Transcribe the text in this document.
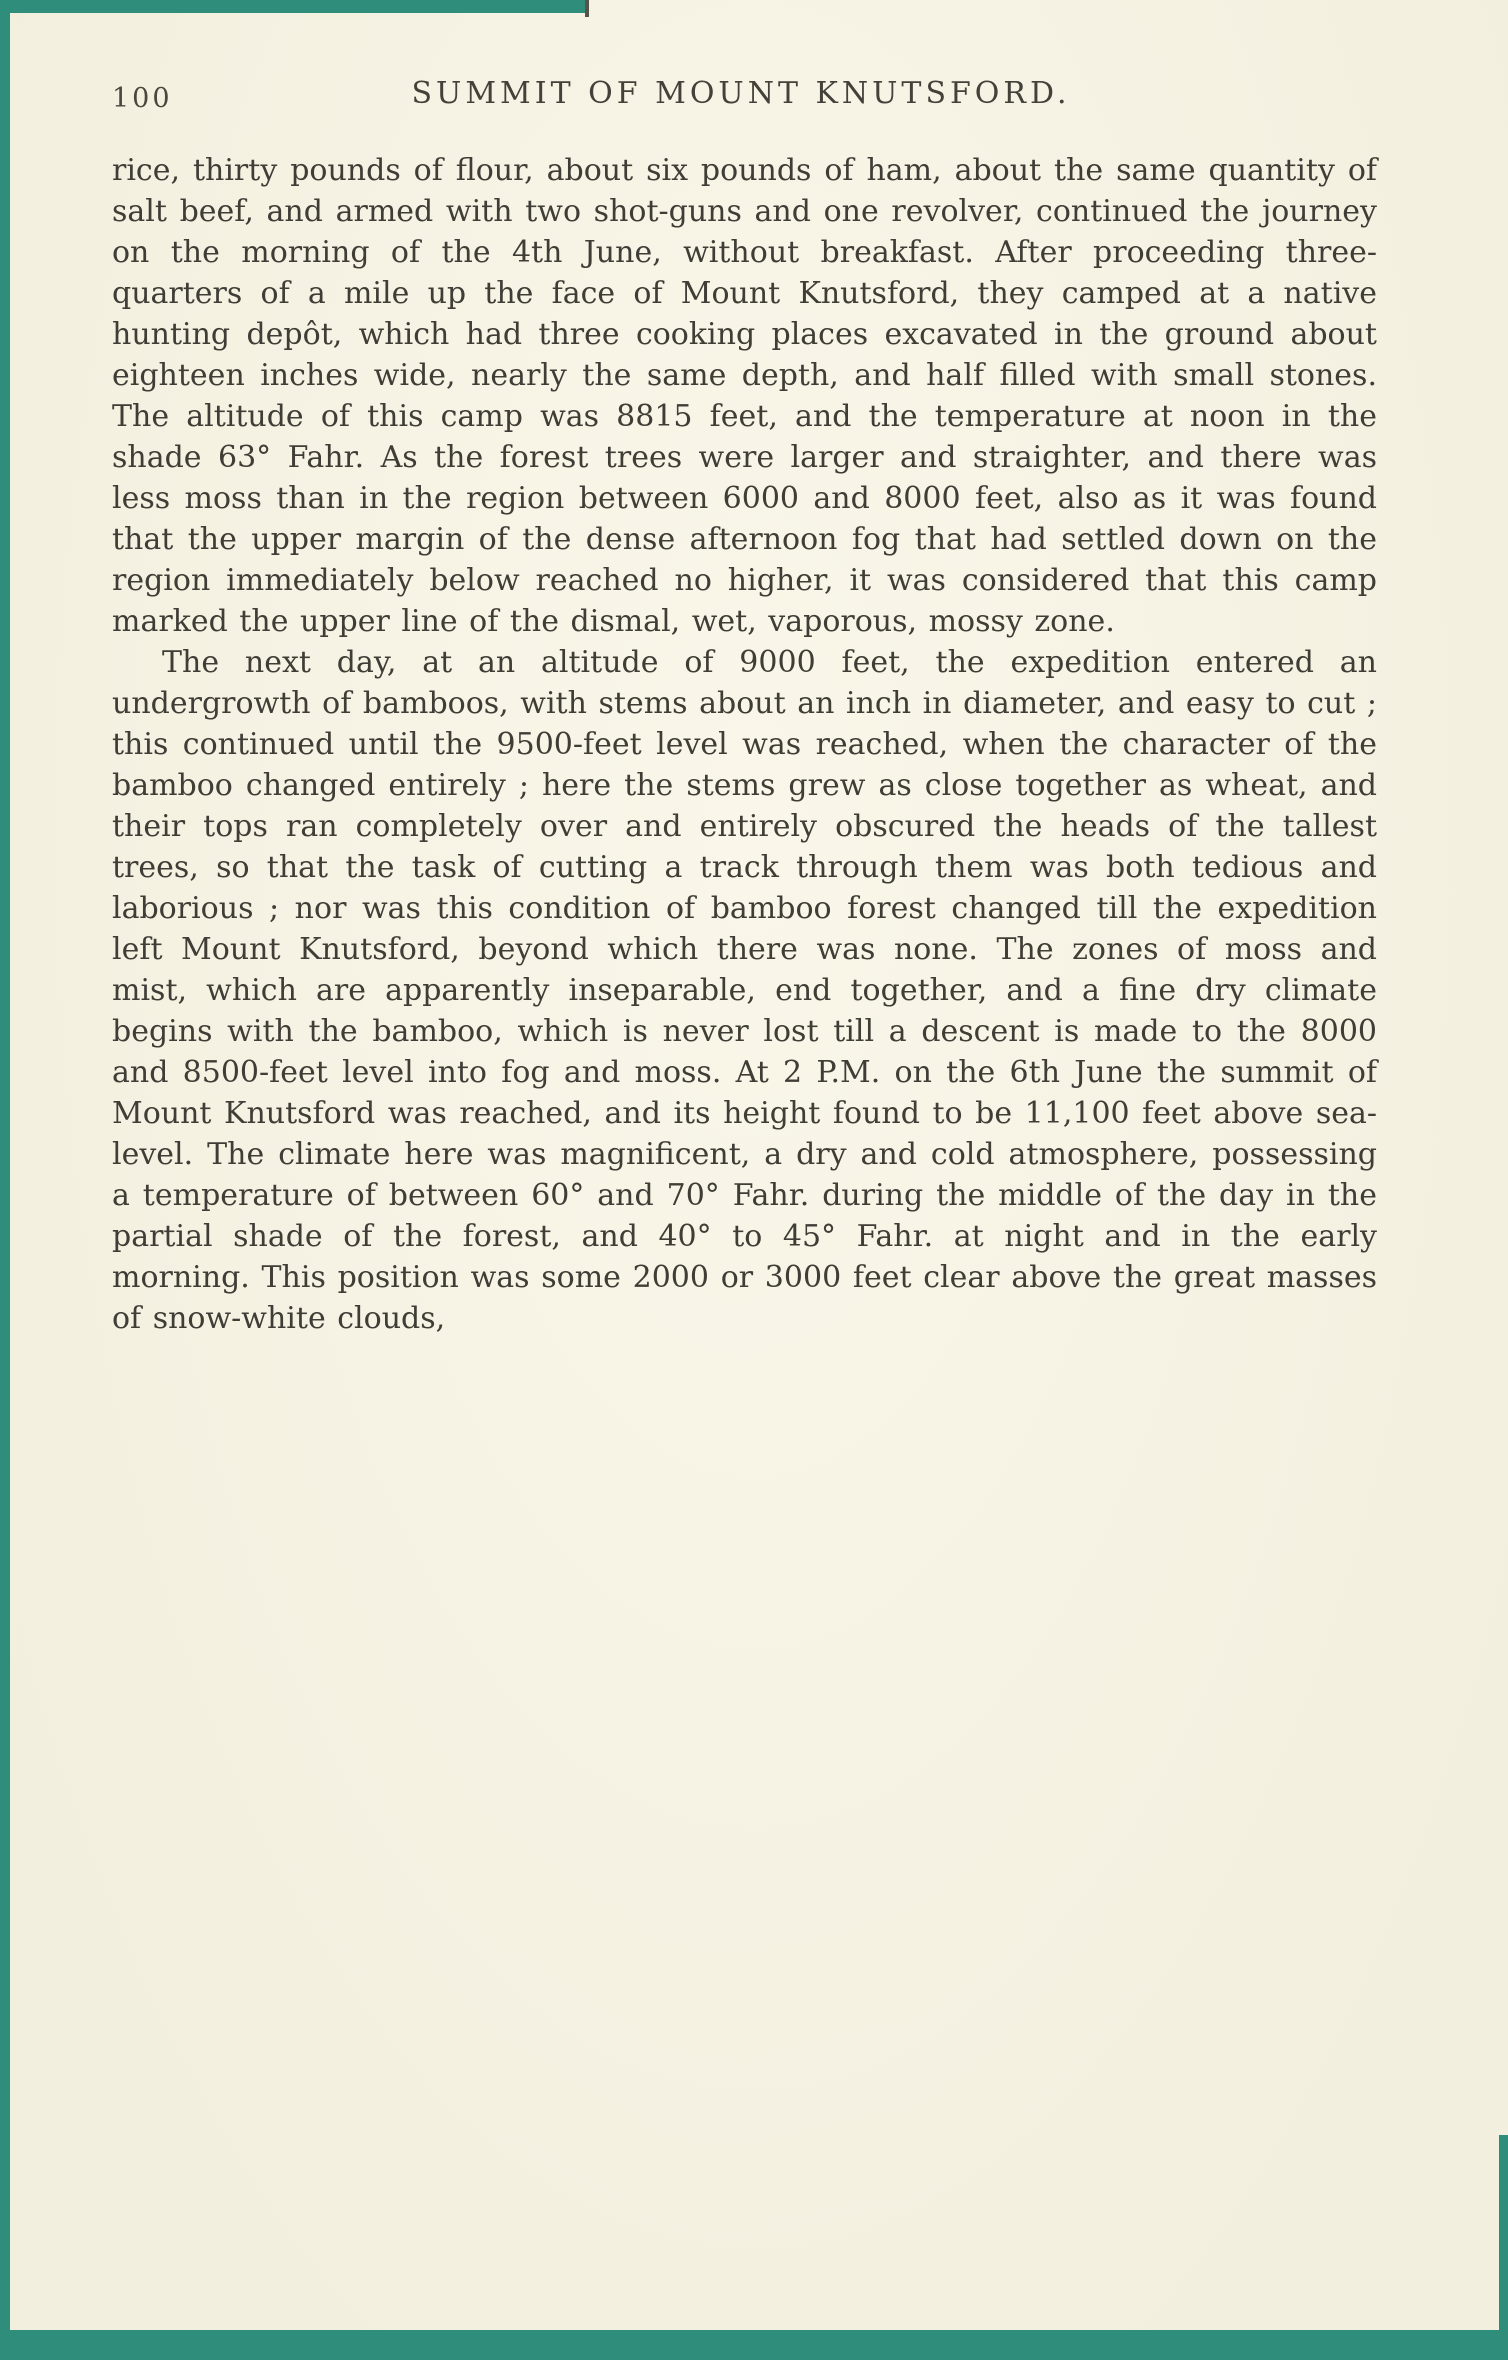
100	SUMMIT OF MOUNT KNUTSFORD.

rice, thirty pounds of flour, about six pounds of ham, about the same quantity of salt beef, and armed with two shot-guns and one revolver, continued the journey on the morning of the 4th June, without breakfast. After proceeding three-quarters of a mile up the face of Mount Knutsford, they camped at a native hunting depôt, which had three cooking places excavated in the ground about eighteen inches wide, nearly the same depth, and half filled with small stones. The altitude of this camp was 8815 feet, and the temperature at noon in the shade 63° Fahr. As the forest trees were larger and straighter, and there was less moss than in the region between 6000 and 8000 feet, also as it was found that the upper margin of the dense afternoon fog that had settled down on the region immediately below reached no higher, it was considered that this camp marked the upper line of the dismal, wet, vaporous, mossy zone.

The next day, at an altitude of 9000 feet, the expedition entered an undergrowth of bamboos, with stems about an inch in diameter, and easy to cut ; this continued until the 9500-feet level was reached, when the character of the bamboo changed entirely ; here the stems grew as close together as wheat, and their tops ran completely over and entirely obscured the heads of the tallest trees, so that the task of cutting a track through them was both tedious and laborious ; nor was this condition of bamboo forest changed till the expedition left Mount Knutsford, beyond which there was none. The zones of moss and mist, which are apparently inseparable, end together, and a fine dry climate begins with the bamboo, which is never lost till a descent is made to the 8000 and 8500-feet level into fog and moss. At 2 P.M. on the 6th June the summit of Mount Knutsford was reached, and its height found to be 11,100 feet above sea-level. The climate here was magnificent, a dry and cold atmosphere, possessing a temperature of between 60° and 70° Fahr. during the middle of the day in the partial shade of the forest, and 40° to 45° Fahr. at night and in the early morning. This position was some 2000 or 3000 feet clear above the great masses of snow-white clouds,
